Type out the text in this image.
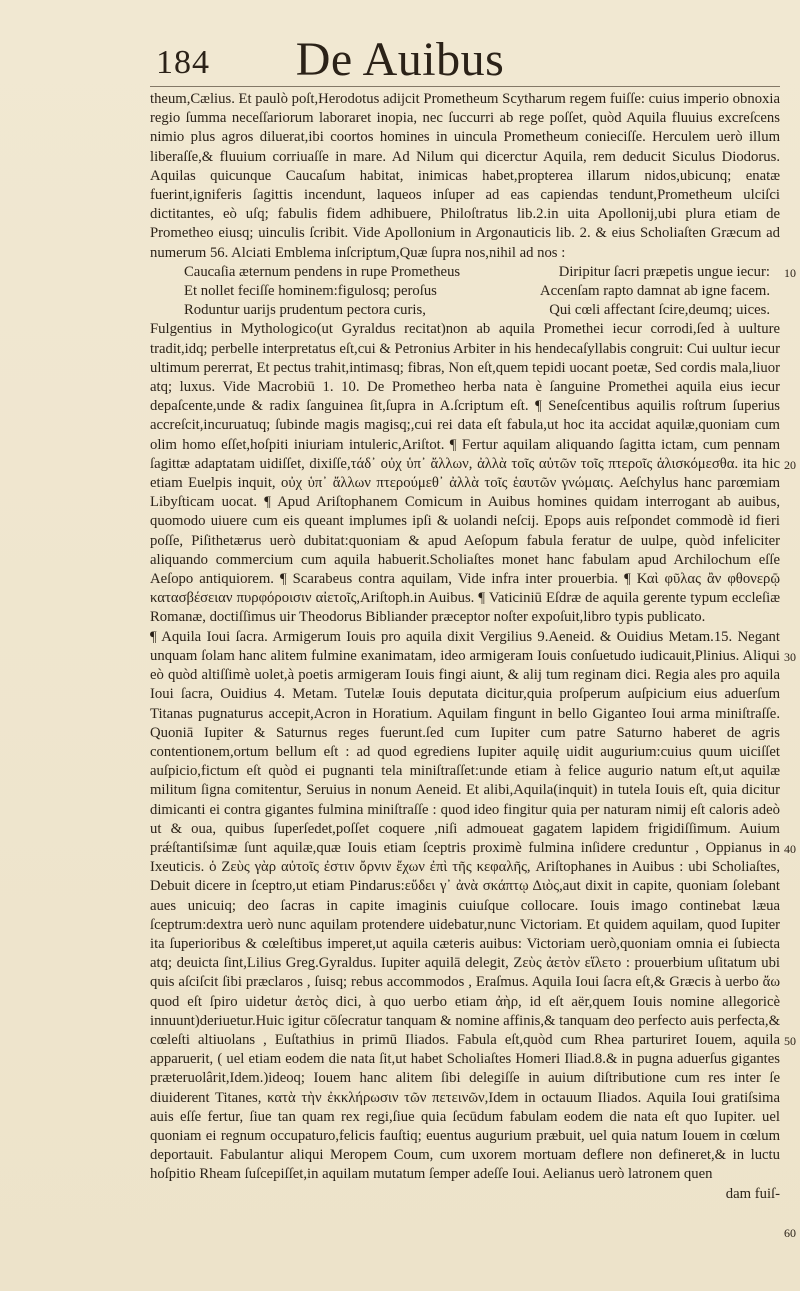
184	De Auibus

theum,Cælius. Et paulò poſt,Herodotus adijcit Prometheum Scytharum regem fuiſſe: cuius imperio obnoxia regio ſumma neceſſariorum laboraret inopia, nec ſuccurri ab rege poſſet, quòd Aquila fluuius excreſcens nimio plus agros diluerat,ibi coortos homines in uincula Prometheum conieciſſe. Herculem uerò illum liberaſſe,& fluuium corriuaſſe in mare. Ad Nilum qui dicerctur Aquila, rem deducit Siculus Diodorus. Aquilas quicunque Caucaſum habitat, inimicas habet,propterea illarum nidos,ubicunq; enatæ fuerint,igniferis ſagittis incendunt, laqueos inſuper ad eas capiendas tendunt,Prometheum ulciſci dictitantes, eò uſq; fabulis fidem adhibuere, Philoſtratus lib.2.in uita Apollonij,ubi plura etiam de Prometheo eiusq; uinculis ſcribit. Vide Apollonium in Argonauticis lib. 2. & eius Scholiaſten Græcum ad numerum 56. Alciati Emblema inſcriptum,Quæ ſupra nos,nihil ad nos :

Caucaſia æternum pendens in rupe Prometheus	Diripitur ſacri præpetis ungue iecur:
Et nollet feciſſe hominem:figulosq; peroſus	Accenſam rapto damnat ab igne facem.
Roduntur uarijs prudentum pectora curis,	Qui cœli affectant ſcire,deumq; uices.

Fulgentius in Mythologico(ut Gyraldus recitat)non ab aquila Promethei iecur corrodi,ſed à uulture tradit,idq; perbelle interpretatus eſt,cui & Petronius Arbiter in his hendecaſyllabis congruit: Cui uultur iecur ultimum pererrat, Et pectus trahit,intimasq; fibras, Non eſt,quem tepidi uocant poetæ, Sed cordis mala,liuor atq; luxus. Vide Macrobiū 1. 10. De Prometheo herba nata è ſanguine Promethei aquila eius iecur depaſcente,unde & radix ſanguinea ſit,ſupra in A.ſcriptum eſt. ¶ Seneſcentibus aquilis roſtrum ſuperius accreſcit,incuruatuq; ſubinde magis magisq;,cui rei data eſt fabula,ut hoc ita accidat aquilæ,quoniam cum olim homo eſſet,hoſpiti iniuriam intuleric,Ariſtot. ¶ Fertur aquilam aliquando ſagitta ictam, cum pennam ſagittæ adaptatam uidiſſet, dixiſſe,τάδ᾽ οὐχ ὑπ᾽ ἄλλων, ἀλλὰ τοῖς αὐτῶν τοῖς πτεροῖς ἁλισκόμεσθα. ita hic etiam Euelpis inquit, οὐχ ὑπ᾽ ἄλλων πτερούμεθ᾽ ἀλλὰ τοῖς ἑαυτῶν γνώμαις. Aeſchylus hanc parœmiam Libyſticam uocat. ¶ Apud Ariſtophanem Comicum in Auibus homines quidam interrogant ab auibus, quomodo uiuere cum eis queant implumes ipſi & uolandi neſcij. Epops auis reſpondet commodè id fieri poſſe, Piſithetærus uerò dubitat:quoniam & apud Aeſopum fabula feratur de uulpe, quòd infeliciter aliquando commercium cum aquila habuerit.Scholiaſtes monet hanc fabulam apud Archilochum eſſe Aeſopo antiquiorem. ¶ Scarabeus contra aquilam, Vide infra inter prouerbia. ¶ Καὶ φῦλας ἂν φθονερῷ κατασβέσειαν πυρφόροισιν αἰετοῖς,Ariſtoph.in Auibus. ¶ Vaticiniū Eſdræ de aquila gerente typum eccleſiæ Romanæ, doctiſſimus uir Theodorus Bibliander præceptor noſter expoſuit,libro typis publicato.

¶ Aquila Ioui ſacra. Armigerum Iouis pro aquila dixit Vergilius 9.Aeneid. & Ouidius Metam.15. Negant unquam ſolam hanc alitem fulmine exanimatam, ideo armigeram Iouis conſuetudo iudicauit,Plinius. Aliqui eò quòd altiſſimè uolet,à poetis armigeram Iouis fingi aiunt, & alij tum reginam dici. Regia ales pro aquila Ioui ſacra, Ouidius 4. Metam. Tutelæ Iouis deputata dicitur,quia proſperum auſpicium eius aduerſum Titanas pugnaturus accepit,Acron in Horatium. Aquilam fingunt in bello Giganteo Ioui arma miniſtraſſe. Quoniā Iupiter & Saturnus reges fuerunt.ſed cum Iupiter cum patre Saturno haberet de agris contentionem,ortum bellum eſt : ad quod egrediens Iupiter aquilę uidit augurium:cuius quum uiciſſet auſpicio,fictum eſt quòd ei pugnanti tela miniſtraſſet:unde etiam à felice augurio natum eſt,ut aquilæ militum ſigna comitentur, Seruius in nonum Aeneid. Et alibi,Aquila(inquit) in tutela Iouis eſt, quia dicitur dimicanti ei contra gigantes fulmina miniſtraſſe : quod ideo fingitur quia per naturam nimij eſt caloris adeò ut & oua, quibus ſuperſedet,poſſet coquere ,niſi admoueat gagatem lapidem frigidiſſimum. Auium prǽſtantiſsimæ ſunt aquilæ,quæ Iouis etiam ſceptris proximè fulmina inſidere creduntur , Oppianus in Ixeuticis. ὁ Ζεὺς γὰρ αὐτοῖς ἐστιν ὄρνιν ἔχων ἐπὶ τῆς κεφαλῆς, Ariſtophanes in Auibus : ubi Scholiaſtes, Debuit dicere in ſceptro,ut etiam Pindarus:εὕδει γ᾽ ἀνὰ σκάπτῳ Διὸς,aut dixit in capite, quoniam ſolebant aues unicuiq; deo ſacras in capite imaginis cuiuſque collocare. Iouis imago continebat læua ſceptrum:dextra uerò nunc aquilam protendere uidebatur,nunc Victoriam. Et quidem aquilam, quod Iupiter ita ſuperioribus & cœleſtibus imperet,ut aquila cæteris auibus: Victoriam uerò,quoniam omnia ei ſubiecta atq; deuicta ſint,Lilius Greg.Gyraldus. Iupiter aquilā delegit, Ζεὺς ἀετὸν εἵλετο : prouerbium uſitatum ubi quis aſciſcit ſibi præclaros , ſuisq; rebus accommodos , Eraſmus. Aquila Ioui ſacra eſt,& Græcis à uerbo ἄω quod eſt ſpiro uidetur ἀετὸς dici, à quo uerbo etiam ἀὴρ, id eſt aër,quem Iouis nomine allegoricè innuunt)deriuetur.Huic igitur cōſecratur tanquam & nomine affinis,& tanquam deo perfecto auis perfecta,& cœleſti altiuolans , Euſtathius in primū Iliados. Fabula eſt,quòd cum Rhea parturiret Iouem, aquila apparuerit, ( uel etiam eodem die nata ſit,ut habet Scholiaſtes Homeri Iliad.8.& in pugna aduerſus gigantes præteruolârit,Idem.)ideoq; Iouem hanc alitem ſibi delegiſſe in auium diſtributione cum res inter ſe diuiderent Titanes, κατὰ τὴν ἐκκλήρωσιν τῶν πετεινῶν,Idem in octauum Iliados. Aquila Ioui gratiſsima auis eſſe fertur, ſiue tan quam rex regi,ſiue quia ſecūdum fabulam eodem die nata eſt quo Iupiter. uel quoniam ei regnum occupaturo,felicis fauſtiq; euentus augurium præbuit, uel quia natum Iouem in cœlum deportauit. Fabulantur aliqui Meropem Coum, cum uxorem mortuam deflere non defineret,& in luctu hoſpitio Rheam ſuſcepiſſet,in aquilam mutatum ſemper adeſſe Ioui. Aelianus uerò latronem quen

dam fuiſ-

10
20
30
40
50
60
